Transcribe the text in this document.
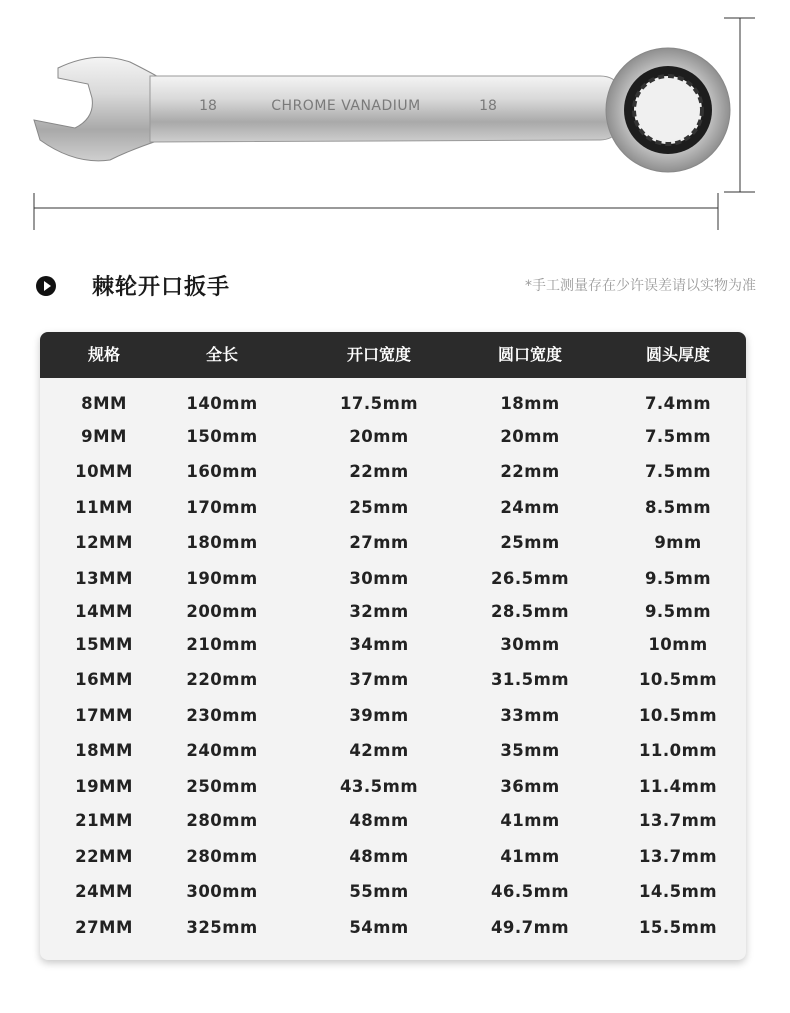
18	CHROME VANADIUM	18
棘轮开口扳手	*手工测量存在少许误差请以实物为准
规格	全长	开口宽度	圆口宽度	圆头厚度
8MM	140mm	17.5mm	18mm	7.4mm
9MM	150mm	20mm	20mm	7.5mm
10MM	160mm	22mm	22mm	7.5mm
11MM	170mm	25mm	24mm	8.5mm
12MM	180mm	27mm	25mm	9mm
13MM	190mm	30mm	26.5mm	9.5mm
14MM	200mm	32mm	28.5mm	9.5mm
15MM	210mm	34mm	30mm	10mm
16MM	220mm	37mm	31.5mm	10.5mm
17MM	230mm	39mm	33mm	10.5mm
18MM	240mm	42mm	35mm	11.0mm
19MM	250mm	43.5mm	36mm	11.4mm
21MM	280mm	48mm	41mm	13.7mm
22MM	280mm	48mm	41mm	13.7mm
24MM	300mm	55mm	46.5mm	14.5mm
27MM	325mm	54mm	49.7mm	15.5mm
